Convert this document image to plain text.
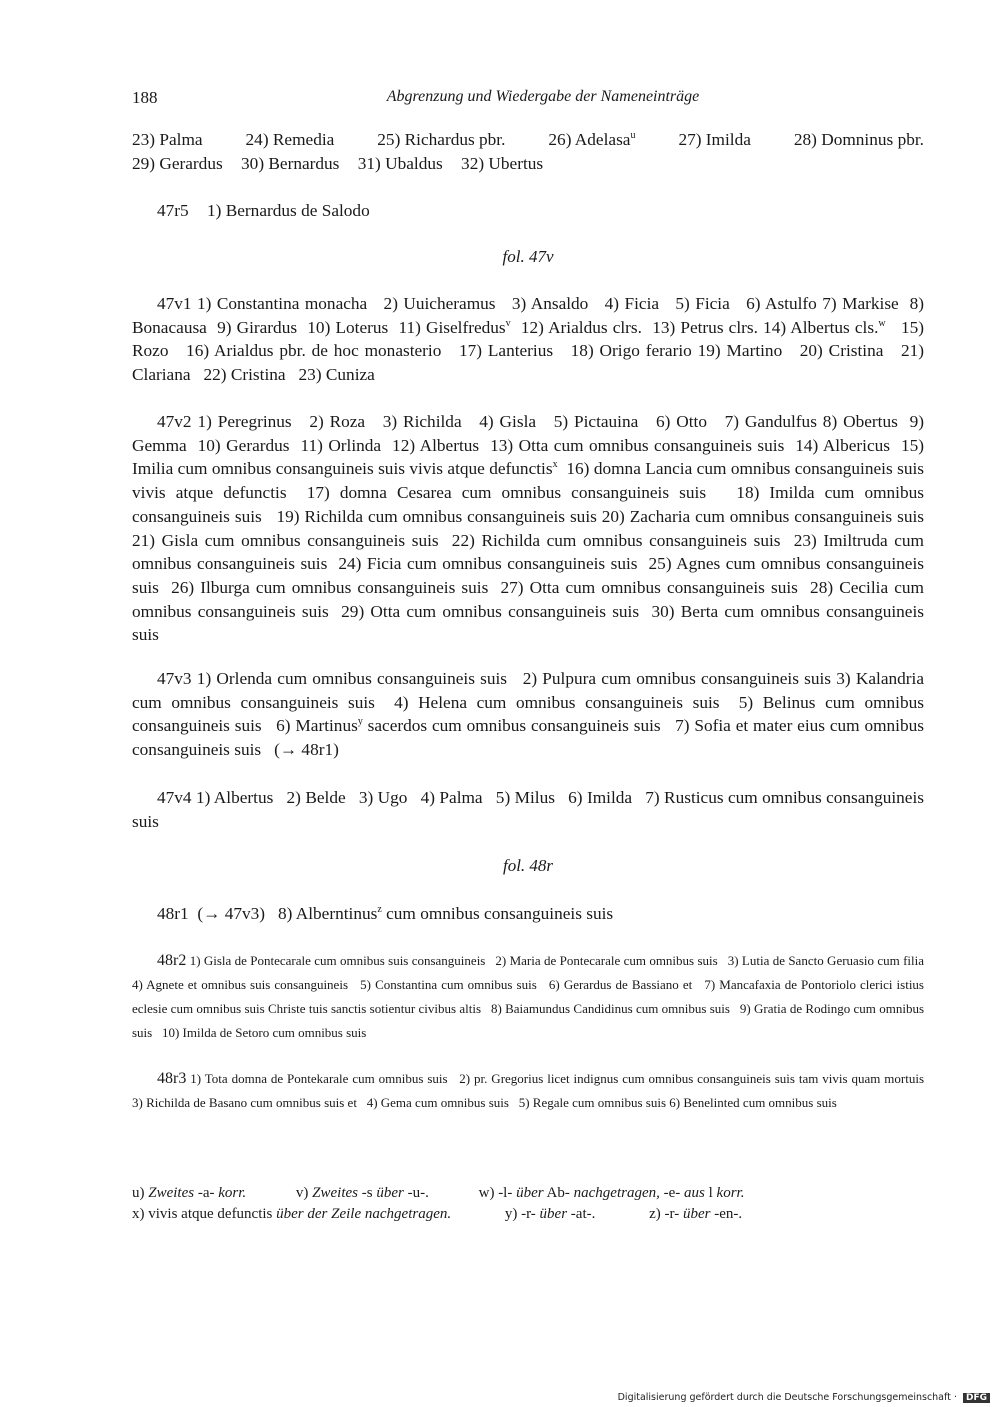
188	Abgrenzung und Wiedergabe der Nameneinträge
23) Palma 24) Remedia 25) Richardus pbr. 26) Adelasa$^u$ 27) Imilda 28) Domninus pbr.
29) Gerardus 30) Bernardus 31) Ubaldus 32) Ubertus
47r5 1) Bernardus de Salodo
fol. 47v
47v1 1) Constantina monacha   2) Uuicheramus   3) Ansaldo   4) Ficia   5) Ficia   6) Astulfo 7) Markise  8) Bonacausa  9) Girardus  10) Loterus  11) Giselfredus$^v$  12) Arialdus clrs.  13) Petrus clrs. 14) Albertus cls.$^w$   15) Rozo   16) Arialdus pbr. de hoc monasterio   17) Lanterius   18) Origo ferario 19) Martino   20) Cristina   21) Clariana   22) Cristina   23) Cuniza
47v2 1) Peregrinus   2) Roza   3) Richilda   4) Gisla   5) Pictauina   6) Otto   7) Gandulfus 8) Obertus  9) Gemma  10) Gerardus  11) Orlinda  12) Albertus  13) Otta cum omnibus consanguineis suis  14) Albericus  15) Imilia cum omnibus consanguineis suis vivis atque defunctis$^x$  16) domna Lancia cum omnibus consanguineis suis vivis atque defunctis  17) domna Cesarea cum omnibus consanguineis suis   18) Imilda cum omnibus consanguineis suis   19) Richilda cum omnibus consanguineis suis 20) Zacharia cum omnibus consanguineis suis  21) Gisla cum omnibus consanguineis suis  22) Richilda cum omnibus consanguineis suis  23) Imiltruda cum omnibus consanguineis suis  24) Ficia cum omnibus consanguineis suis  25) Agnes cum omnibus consanguineis suis  26) Ilburga cum omnibus consanguineis suis  27) Otta cum omnibus consanguineis suis  28) Cecilia cum omnibus consanguineis suis  29) Otta cum omnibus consanguineis suis  30) Berta cum omnibus consanguineis suis
47v3 1) Orlenda cum omnibus consanguineis suis   2) Pulpura cum omnibus consanguineis suis 3) Kalandria cum omnibus consanguineis suis  4) Helena cum omnibus consanguineis suis  5) Belinus cum omnibus consanguineis suis   6) Martinus$^y$ sacerdos cum omnibus consanguineis suis   7) Sofia et mater eius cum omnibus consanguineis suis   (→ 48r1)
47v4 1) Albertus   2) Belde   3) Ugo   4) Palma   5) Milus   6) Imilda   7) Rusticus cum omnibus consanguineis suis
fol. 48r
48r1 (→ 47v3)   8) Alberntinus$^z$ cum omnibus consanguineis suis
48r2 1) Gisla de Pontecarale cum omnibus suis consanguineis   2) Maria de Pontecarale cum omnibus suis   3) Lutia de Sancto Geruasio cum filia   4) Agnete et omnibus suis consanguineis   5) Constantina cum omnibus suis   6) Gerardus de Bassiano et   7) Mancafaxia de Pontoriolo clerici istius eclesie cum omnibus suis Christe tuis sanctis sotientur civibus altis   8) Baiamundus Candidinus cum omnibus suis   9) Gratia de Rodingo cum omnibus suis   10) Imilda de Setoro cum omnibus suis
48r3 1) Tota domna de Pontekarale cum omnibus suis   2) pr. Gregorius licet indignus cum omnibus consanguineis suis tam vivis quam mortuis   3) Richilda de Basano cum omnibus suis et   4) Gema cum omnibus suis   5) Regale cum omnibus suis 6) Benelinted cum omnibus suis
u) Zweites -a- korr.	v) Zweites -s über -u-.	w) -l- über Ab- nachgetragen, -e- aus l korr. x) vivis atque defunctis über der Zeile nachgetragen.	y) -r- über -at-.	z) -r- über -en-.
Digitalisierung gefördert durch die Deutsche Forschungsgemeinschaft · DFG
